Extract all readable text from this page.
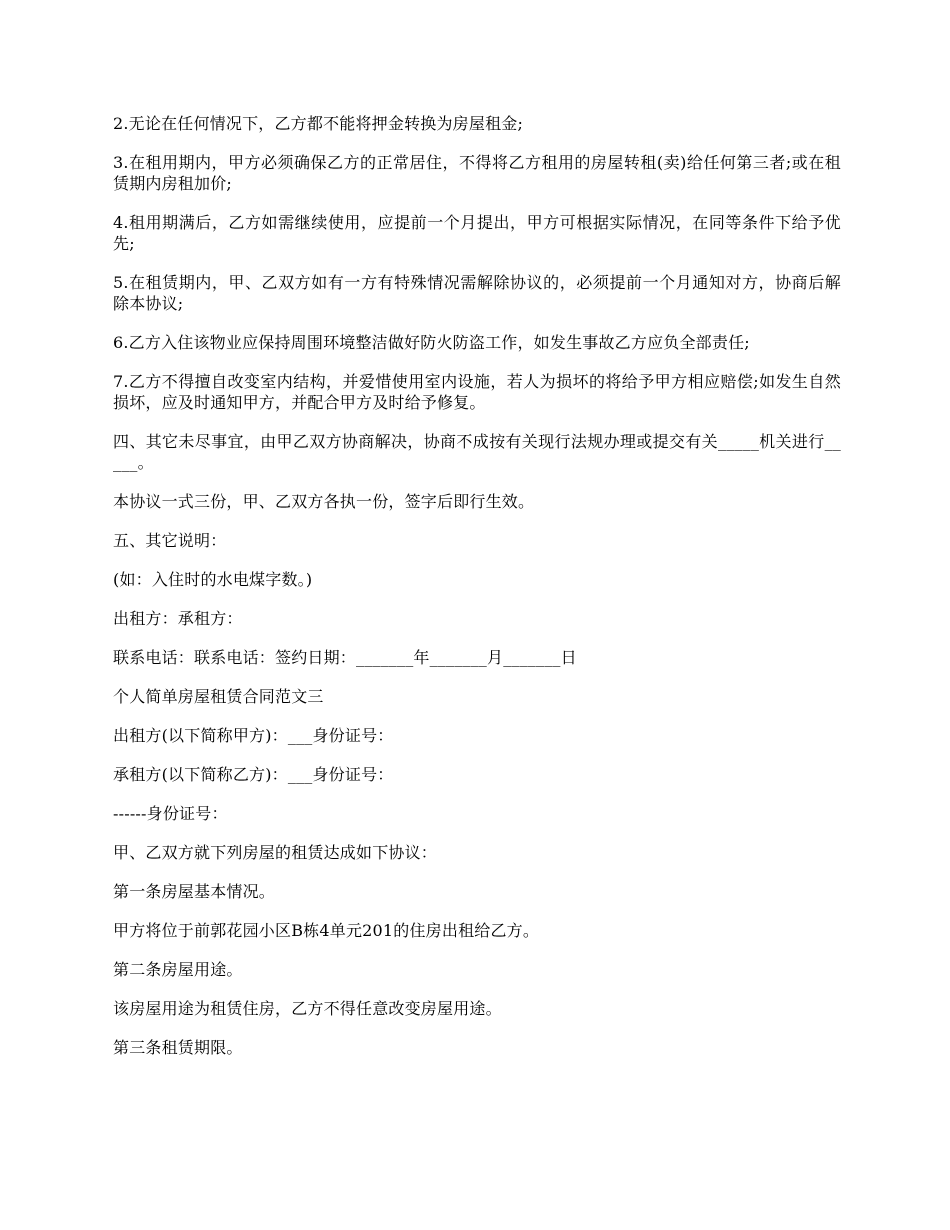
2.无论在任何情况下，乙方都不能将押金转换为房屋租金;

3.在租用期内，甲方必须确保乙方的正常居住，不得将乙方租用的房屋转租(卖)给任何第三者;或在租赁期内房租加价;

4.租用期满后，乙方如需继续使用，应提前一个月提出，甲方可根据实际情况，在同等条件下给予优先;

5.在租赁期内，甲、乙双方如有一方有特殊情况需解除协议的，必须提前一个月通知对方，协商后解除本协议;

6.乙方入住该物业应保持周围环境整洁做好防火防盗工作，如发生事故乙方应负全部责任;

7.乙方不得擅自改变室内结构，并爱惜使用室内设施，若人为损坏的将给予甲方相应赔偿;如发生自然损坏，应及时通知甲方，并配合甲方及时给予修复。

四、其它未尽事宜，由甲乙双方协商解决，协商不成按有关现行法规办理或提交有关_____机关进行_____。

本协议一式三份，甲、乙双方各执一份，签字后即行生效。

五、其它说明：

(如：入住时的水电煤字数。)

出租方：承租方：

联系电话：联系电话：签约日期：_______年_______月_______日

个人简单房屋租赁合同范文三

出租方(以下简称甲方)：___身份证号：

承租方(以下简称乙方)：___身份证号：

------身份证号：

甲、乙双方就下列房屋的租赁达成如下协议：

第一条房屋基本情况。

甲方将位于前郭花园小区B栋4单元201的住房出租给乙方。

第二条房屋用途。

该房屋用途为租赁住房，乙方不得任意改变房屋用途。

第三条租赁期限。
